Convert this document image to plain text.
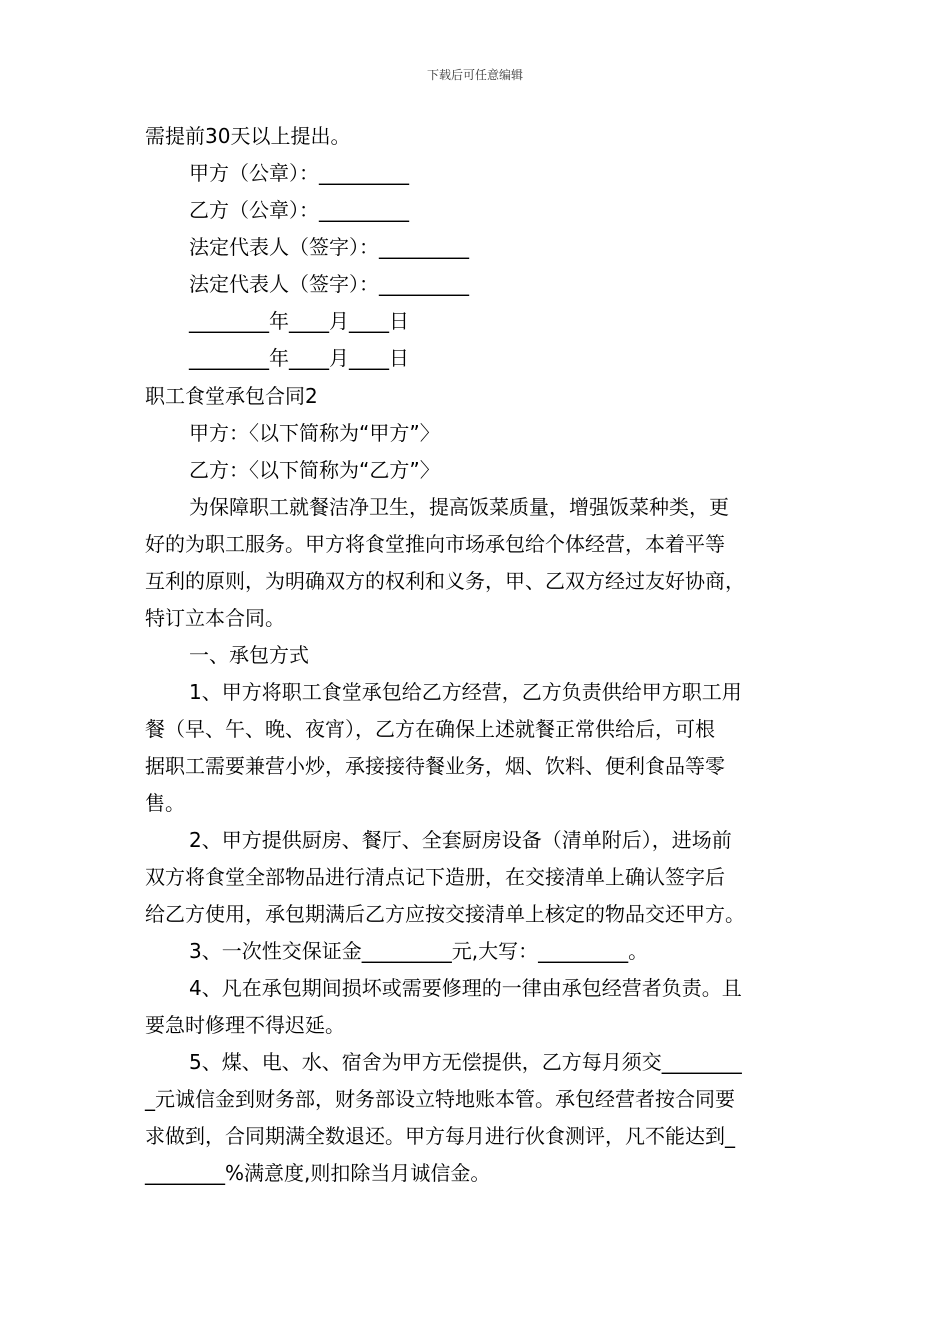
下载后可任意编辑
需提前30天以上提出。
甲方（公章）：_________
乙方（公章）：_________
法定代表人（签字）：_________
法定代表人（签字）：_________
________年____月____日
________年____月____日
职工食堂承包合同2
甲方：〈以下简称为“甲方”〉
乙方：〈以下简称为“乙方”〉
为保障职工就餐洁净卫生，提高饭菜质量，增强饭菜种类，更
好的为职工服务。甲方将食堂推向市场承包给个体经营，本着平等
互利的原则，为明确双方的权利和义务，甲、乙双方经过友好协商，
特订立本合同。
一、承包方式
1、甲方将职工食堂承包给乙方经营，乙方负责供给甲方职工用
餐（早、午、晚、夜宵），乙方在确保上述就餐正常供给后，可根
据职工需要兼营小炒，承接接待餐业务，烟、饮料、便利食品等零
售。
2、甲方提供厨房、餐厅、全套厨房设备（清单附后），进场前
双方将食堂全部物品进行清点记下造册，在交接清单上确认签字后
给乙方使用，承包期满后乙方应按交接清单上核定的物品交还甲方。
3、一次性交保证金_________元,大写：_________。
4、凡在承包期间损坏或需要修理的一律由承包经营者负责。且
要急时修理不得迟延。
5、煤、电、水、宿舍为甲方无偿提供，乙方每月须交________
_元诚信金到财务部，财务部设立特地账本管。承包经营者按合同要
求做到，合同期满全数退还。甲方每月进行伙食测评，凡不能达到_
________%满意度,则扣除当月诚信金。
